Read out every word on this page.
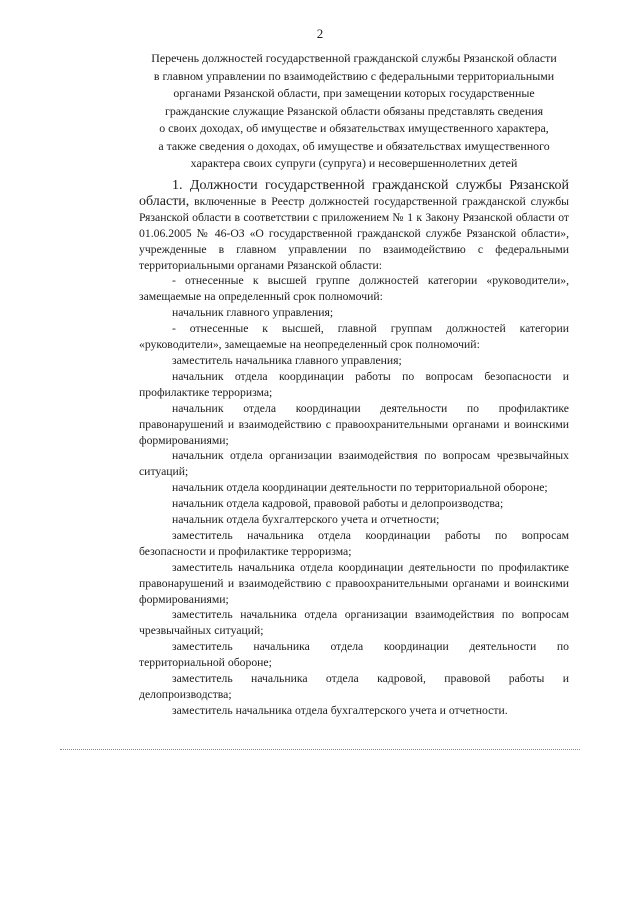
2
Перечень должностей государственной гражданской службы Рязанской области
в главном управлении по взаимодействию с федеральными территориальными
органами Рязанской области, при замещении которых государственные
гражданские служащие Рязанской области обязаны представлять сведения
о своих доходах, об имуществе и обязательствах имущественного характера,
а также сведения о доходах, об имуществе и обязательствах имущественного
характера своих супруги (супруга) и несовершеннолетних детей

1. Должности государственной гражданской службы Рязанской области, включенные в Реестр должностей государственной гражданской службы Рязанской области в соответствии с приложением № 1 к Закону Рязанской области от 01.06.2005 № 46-ОЗ «О государственной гражданской службе Рязанской области», учрежденные в главном управлении по взаимодействию с федеральными территориальными органами Рязанской области:

- отнесенные к высшей группе должностей категории «руководители», замещаемые на определенный срок полномочий:

начальник главного управления;

- отнесенные к высшей, главной группам должностей категории «руководители», замещаемые на неопределенный срок полномочий:

заместитель начальника главного управления;

начальник отдела координации работы по вопросам безопасности и профилактике терроризма;

начальник отдела координации деятельности по профилактике правонарушений и взаимодействию с правоохранительными органами и воинскими формированиями;

начальник отдела организации взаимодействия по вопросам чрезвычайных ситуаций;

начальник отдела координации деятельности по территориальной обороне;

начальник отдела кадровой, правовой работы и делопроизводства;

начальник отдела бухгалтерского учета и отчетности;

заместитель начальника отдела координации работы по вопросам безопасности и профилактике терроризма;

заместитель начальника отдела координации деятельности по профилактике правонарушений и взаимодействию с правоохранительными органами и воинскими формированиями;

заместитель начальника отдела организации взаимодействия по вопросам чрезвычайных ситуаций;

заместитель начальника отдела координации деятельности по территориальной обороне;

заместитель начальника отдела кадровой, правовой работы и делопроизводства;

заместитель начальника отдела бухгалтерского учета и отчетности.
